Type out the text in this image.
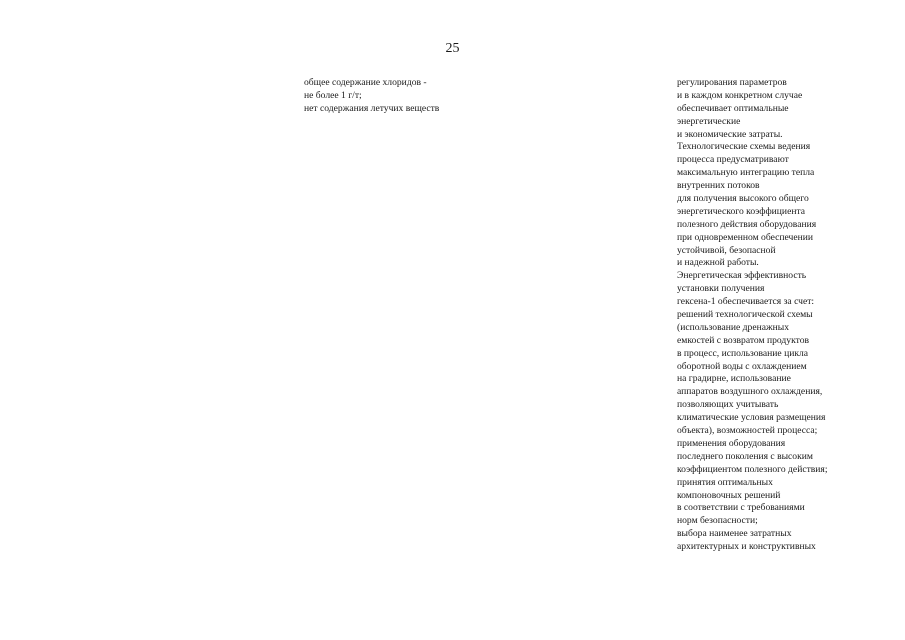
25
общее содержание хлоридов -
не более 1 г/т;
нет содержания летучих веществ
регулирования параметров
и в каждом конкретном случае
обеспечивает оптимальные
энергетические
и экономические затраты.
Технологические схемы ведения
процесса предусматривают
максимальную интеграцию тепла
внутренних потоков
для получения высокого общего
энергетического коэффициента
полезного действия оборудования
при одновременном обеспечении
устойчивой, безопасной
и надежной работы.
Энергетическая эффективность
установки получения
гексена-1 обеспечивается за счет:
решений технологической схемы
(использование дренажных
емкостей с возвратом продуктов
в процесс, использование цикла
оборотной воды с охлаждением
на градирне, использование
аппаратов воздушного охлаждения,
позволяющих учитывать
климатические условия размещения
объекта), возможностей процесса;
применения оборудования
последнего поколения с высоким
коэффициентом полезного действия;
принятия оптимальных
компоновочных решений
в соответствии с требованиями
норм безопасности;
выбора наименее затратных
архитектурных и конструктивных
